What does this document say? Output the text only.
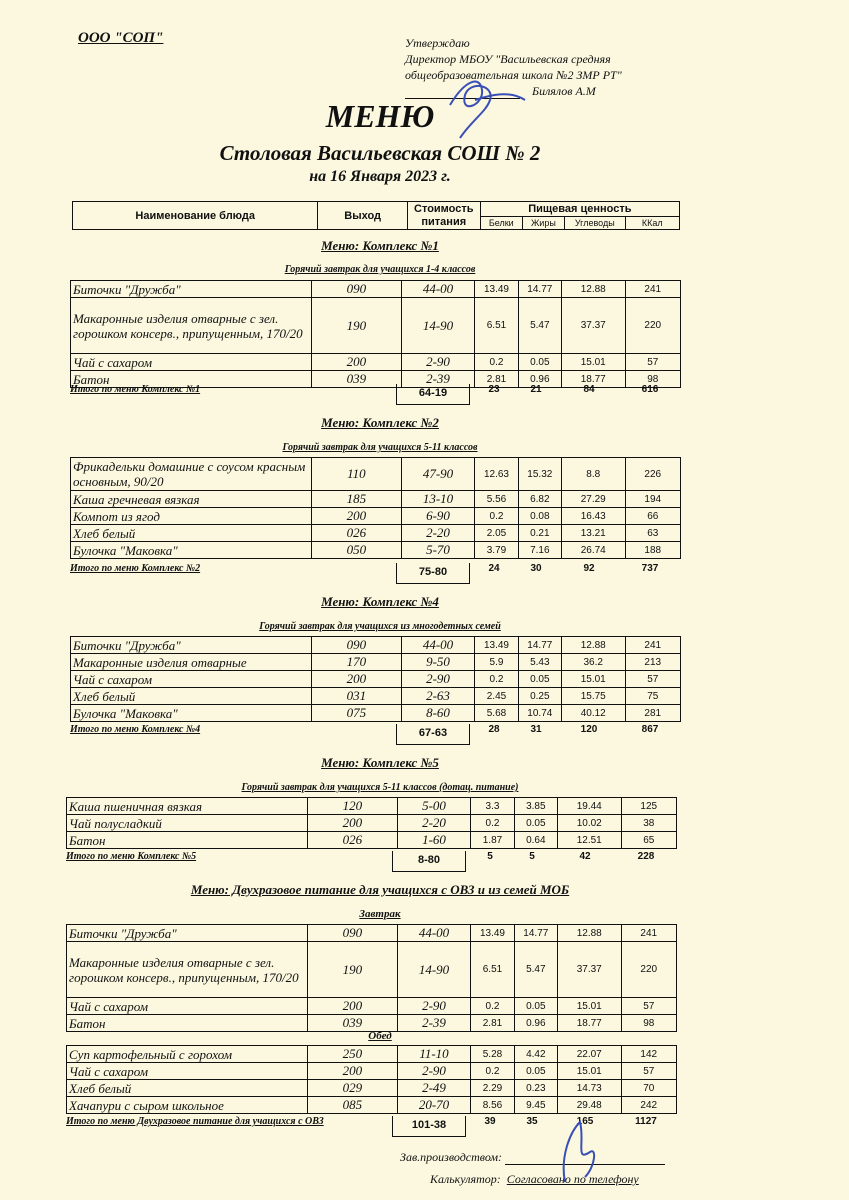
ООО "СОП"	Утверждаю
Директор МБОУ "Васильевская средняя
общеобразовательная школа №2 ЗМР РТ"
Билялов А.М
МЕНЮ
Столовая Васильевская СОШ № 2
на 16 Января 2023 г.
Наименование блюда	Выход	Стоимость
питания	Пищевая ценность			
			Белки	Жиры	Углеводы	ККал
Меню: Комплекс №1
Горячий завтрак для учащихся 1-4 классов
Биточки "Дружба"	090	44-00	13.49	14.77	12.88	241
Макаронные изделия отварные с зел. горошком консерв., припущенным, 170/20	190	14-90	6.51	5.47	37.37	220
Чай с сахаром	200	2-90	0.2	0.05	15.01	57
Батон	039	2-39	2.81	0.96	18.77	98
Итого по меню Комплекс №1	64-19	23	21	84	616
Меню: Комплекс №2
Горячий завтрак для учащихся 5-11 классов
Фрикадельки домашние с соусом красным основным, 90/20	110	47-90	12.63	15.32	8.8	226
Каша гречневая вязкая	185	13-10	5.56	6.82	27.29	194
Компот из ягод	200	6-90	0.2	0.08	16.43	66
Хлеб белый	026	2-20	2.05	0.21	13.21	63
Булочка "Маковка"	050	5-70	3.79	7.16	26.74	188
Итого по меню Комплекс №2	75-80	24	30	92	737
Меню: Комплекс №4
Горячий завтрак для учащихся из многодетных семей
Биточки "Дружба"	090	44-00	13.49	14.77	12.88	241
Макаронные изделия отварные	170	9-50	5.9	5.43	36.2	213
Чай с сахаром	200	2-90	0.2	0.05	15.01	57
Хлеб белый	031	2-63	2.45	0.25	15.75	75
Булочка "Маковка"	075	8-60	5.68	10.74	40.12	281
Итого по меню Комплекс №4	67-63	28	31	120	867
Меню: Комплекс №5
Горячий завтрак для учащихся 5-11 классов (дотац. питание)
Каша пшеничная вязкая	120	5-00	3.3	3.85	19.44	125
Чай полусладкий	200	2-20	0.2	0.05	10.02	38
Батон	026	1-60	1.87	0.64	12.51	65
Итого по меню Комплекс №5	8-80	5	5	42	228
Меню: Двухразовое питание для учащихся с ОВЗ и из семей МОБ
Завтрак
Биточки "Дружба"	090	44-00	13.49	14.77	12.88	241
Макаронные изделия отварные с зел. горошком консерв., припущенным, 170/20	190	14-90	6.51	5.47	37.37	220
Чай с сахаром	200	2-90	0.2	0.05	15.01	57
Батон	039	2-39	2.81	0.96	18.77	98
Обед
Суп картофельный с горохом	250	11-10	5.28	4.42	22.07	142
Чай с сахаром	200	2-90	0.2	0.05	15.01	57
Хлеб белый	029	2-49	2.29	0.23	14.73	70
Хачапури с сыром школьное	085	20-70	8.56	9.45	29.48	242
Итого по меню Двухразовое питание для учащихся с ОВЗ	101-38	39	35	165	1127
Зав.производством:
Калькулятор: Согласовано по телефону
